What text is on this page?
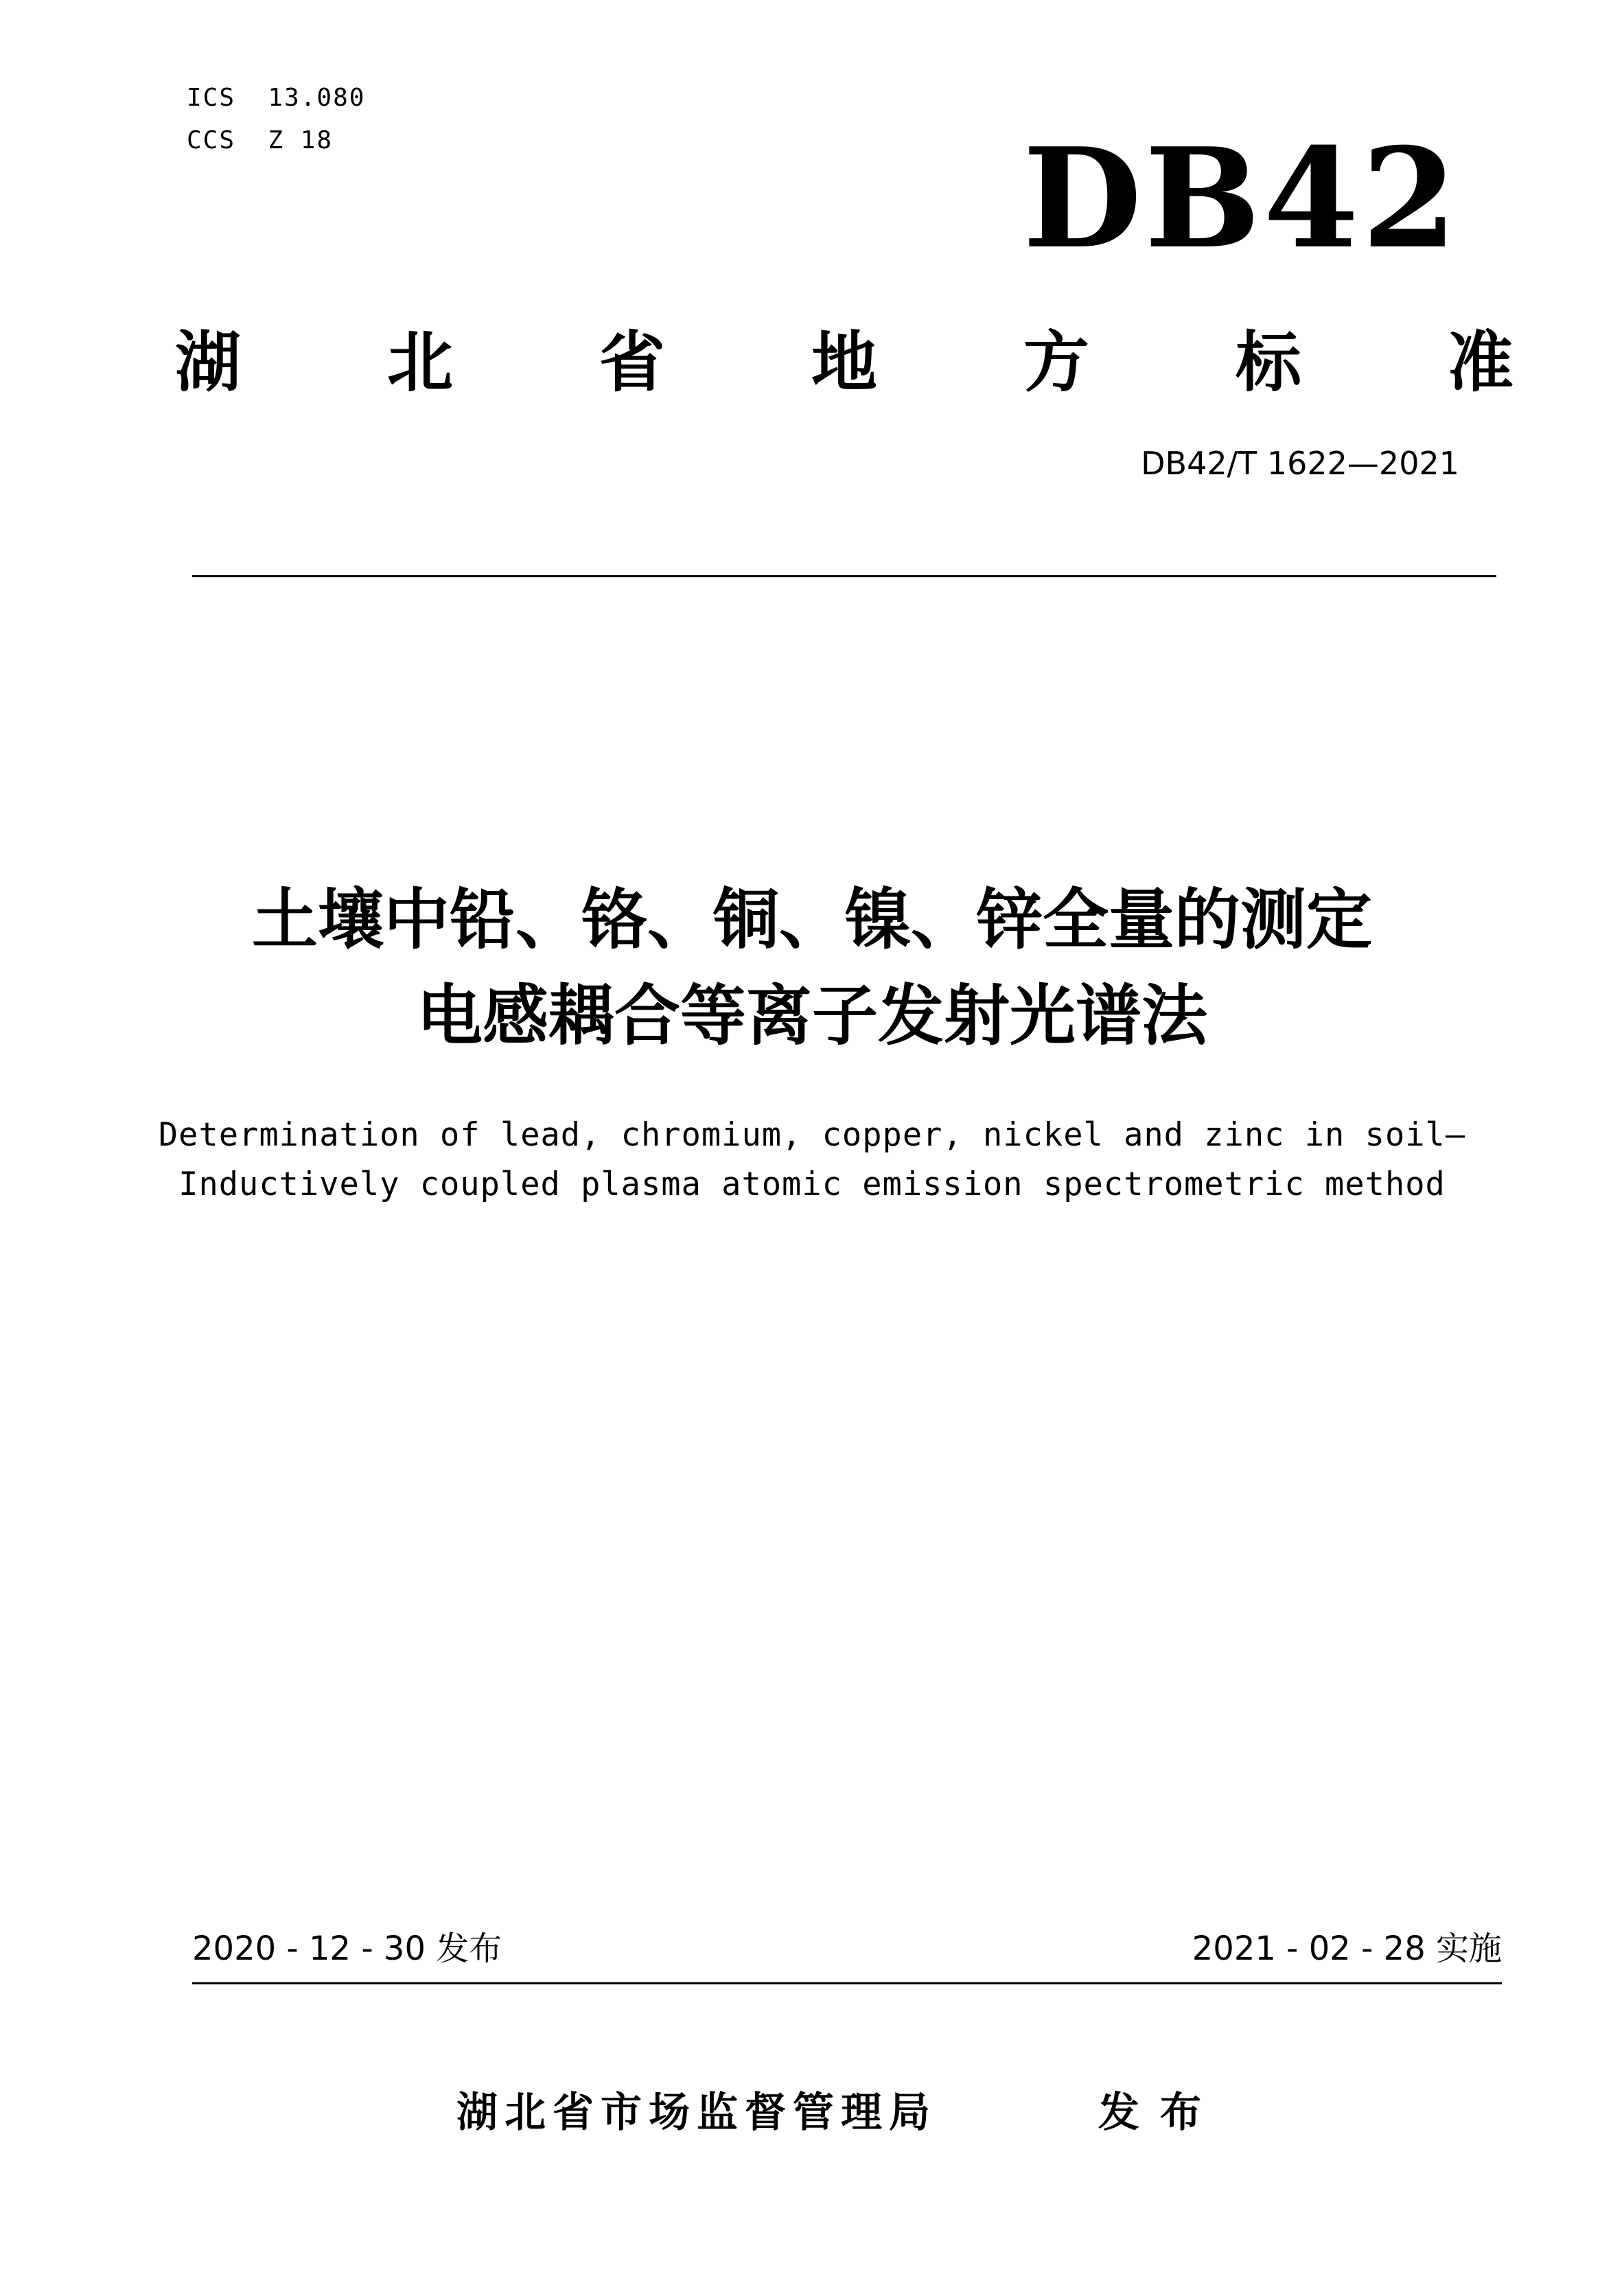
ICS  13.080
CCS  Z 18	DB42
湖 北 省 地 方 标 准
DB42/T 1622—2021
土壤中铅、铬、铜、镍、锌全量的测定
电感耦合等离子发射光谱法
Determination of lead, chromium, copper, nickel and zinc in soil—
Inductively coupled plasma atomic emission spectrometric method
2020 - 12 - 30 发布	2021 - 02 - 28 实施
湖北省市场监督管理局	发布
